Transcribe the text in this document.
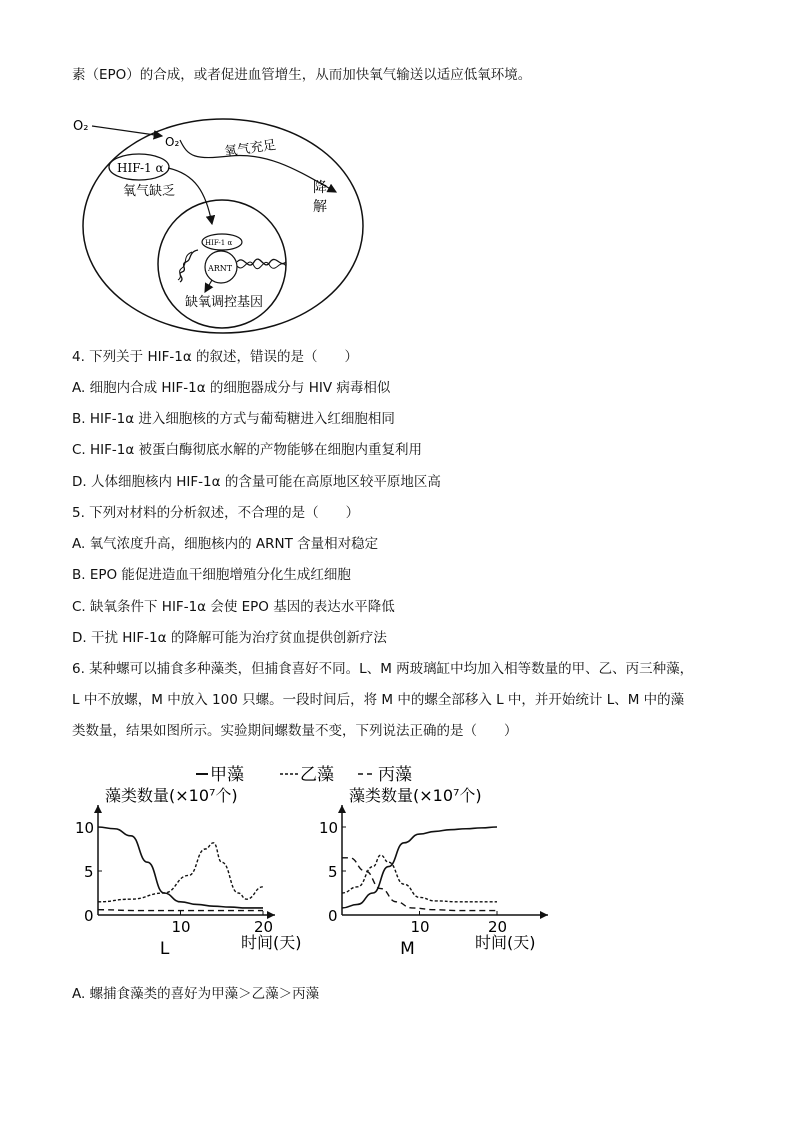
素（EPO）的合成，或者促进血管增生，从而加快氧气输送以适应低氧环境。
O₂
O₂
HIF-1 α
氧气缺乏
氧气充足
降
解
HIF-1 α
ARNT
缺氧调控基因
4. 下列关于 HIF-1α 的叙述，错误的是（　　）
A. 细胞内合成 HIF-1α 的细胞器成分与 HIV 病毒相似
B. HIF-1α 进入细胞核的方式与葡萄糖进入红细胞相同
C. HIF-1α 被蛋白酶彻底水解的产物能够在细胞内重复利用
D. 人体细胞核内 HIF-1α 的含量可能在高原地区较平原地区高
5. 下列对材料的分析叙述，不合理的是（　　）
A. 氧气浓度升高，细胞核内的 ARNT 含量相对稳定
B. EPO 能促进造血干细胞增殖分化生成红细胞
C. 缺氧条件下 HIF-1α 会使 EPO 基因的表达水平降低
D. 干扰 HIF-1α 的降解可能为治疗贫血提供创新疗法
6. 某种螺可以捕食多种藻类，但捕食喜好不同。L、M 两玻璃缸中均加入相等数量的甲、乙、丙三种藻，
L 中不放螺，M 中放入 100 只螺。一段时间后，将 M 中的螺全部移入 L 中，并开始统计 L、M 中的藻
类数量，结果如图所示。实验期间螺数量不变，下列说法正确的是（　　）
甲藻	乙藻	丙藻
藻类数量(×10⁷个)
10
5
0
10	20
时间(天)
L
藻类数量(×10⁷个)
10
5
0
10	20
时间(天)
M
A. 螺捕食藻类的喜好为甲藻＞乙藻＞丙藻
